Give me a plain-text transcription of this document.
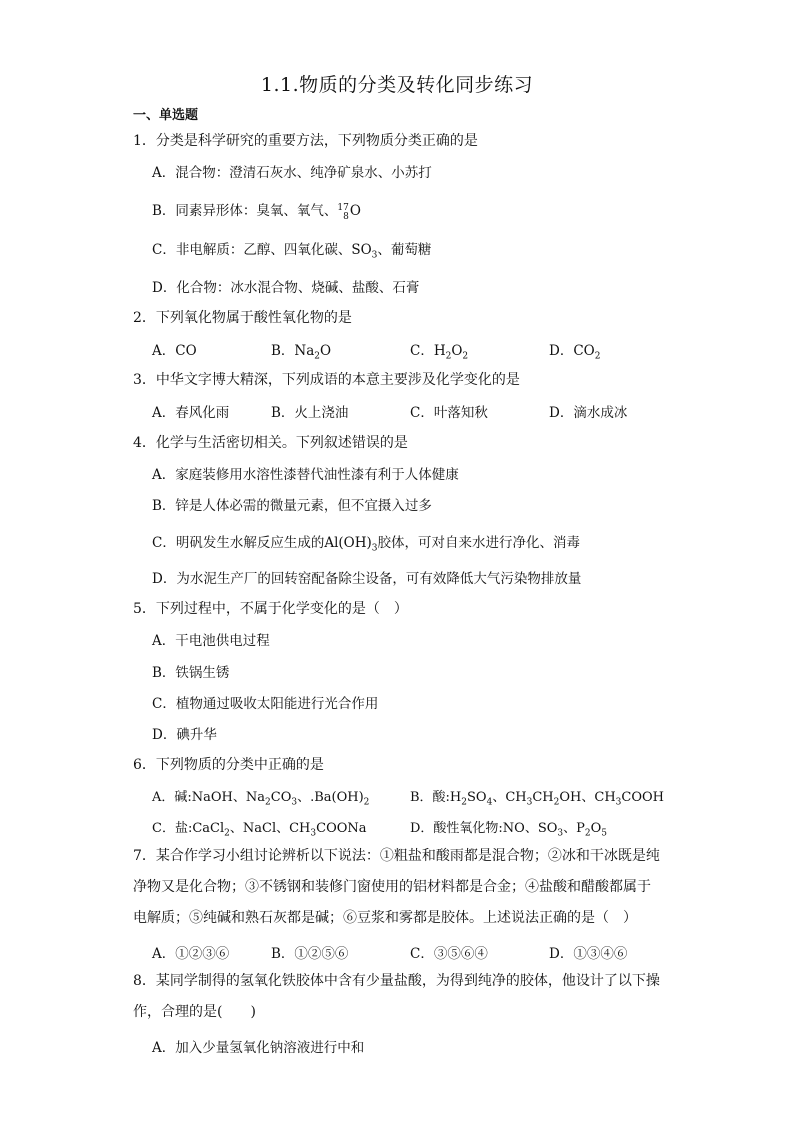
1.1.物质的分类及转化同步练习
一、单选题
1．分类是科学研究的重要方法，下列物质分类正确的是
A．混合物：澄清石灰水、纯净矿泉水、小苏打
B．同素异形体：臭氧、氧气、17
8O
C．非电解质：乙醇、四氧化碳、$SO_3$、葡萄糖
D．化合物：冰水混合物、烧碱、盐酸、石膏
2．下列氧化物属于酸性氧化物的是
A．CO	B．$Na_2O$	C．$H_2O_2$	D．$CO_2$
3．中华文字博大精深，下列成语的本意主要涉及化学变化的是
A．春风化雨	B．火上浇油	C．叶落知秋	D．滴水成冰
4．化学与生活密切相关。下列叙述错误的是
A．家庭装修用水溶性漆替代油性漆有利于人体健康
B．锌是人体必需的微量元素，但不宜摄入过多
C．明矾发生水解反应生成的$Al(OH)_3$胶体，可对自来水进行净化、消毒
D．为水泥生产厂的回转窑配备除尘设备，可有效降低大气污染物排放量
5．下列过程中，不属于化学变化的是（　）
A．干电池供电过程
B．铁锅生锈
C．植物通过吸收太阳能进行光合作用
D．碘升华
6．下列物质的分类中正确的是
A．碱:NaOH、$Na_2CO_3$、$.Ba(OH)_2$	B．酸$:H_2SO_4$、$CH_3CH_2OH$、$CH_3COOH$
C．盐:CaCl$_2$、NaCl、$CH_3COONa$	D．酸性氧化物:NO、$SO_3$、$P_2O_5$
7．某合作学习小组讨论辨析以下说法：①粗盐和酸雨都是混合物；②冰和干冰既是纯净物又是化合物；③不锈钢和装修门窗使用的铝材料都是合金；④盐酸和醋酸都属于电解质；⑤纯碱和熟石灰都是碱；⑥豆浆和雾都是胶体。上述说法正确的是（　）
A．①②③⑥	B．①②⑤⑥	C．③⑤⑥④	D．①③④⑥
8．某同学制得的氢氧化铁胶体中含有少量盐酸，为得到纯净的胶体，他设计了以下操作，合理的是(　　)
A．加入少量氢氧化钠溶液进行中和
